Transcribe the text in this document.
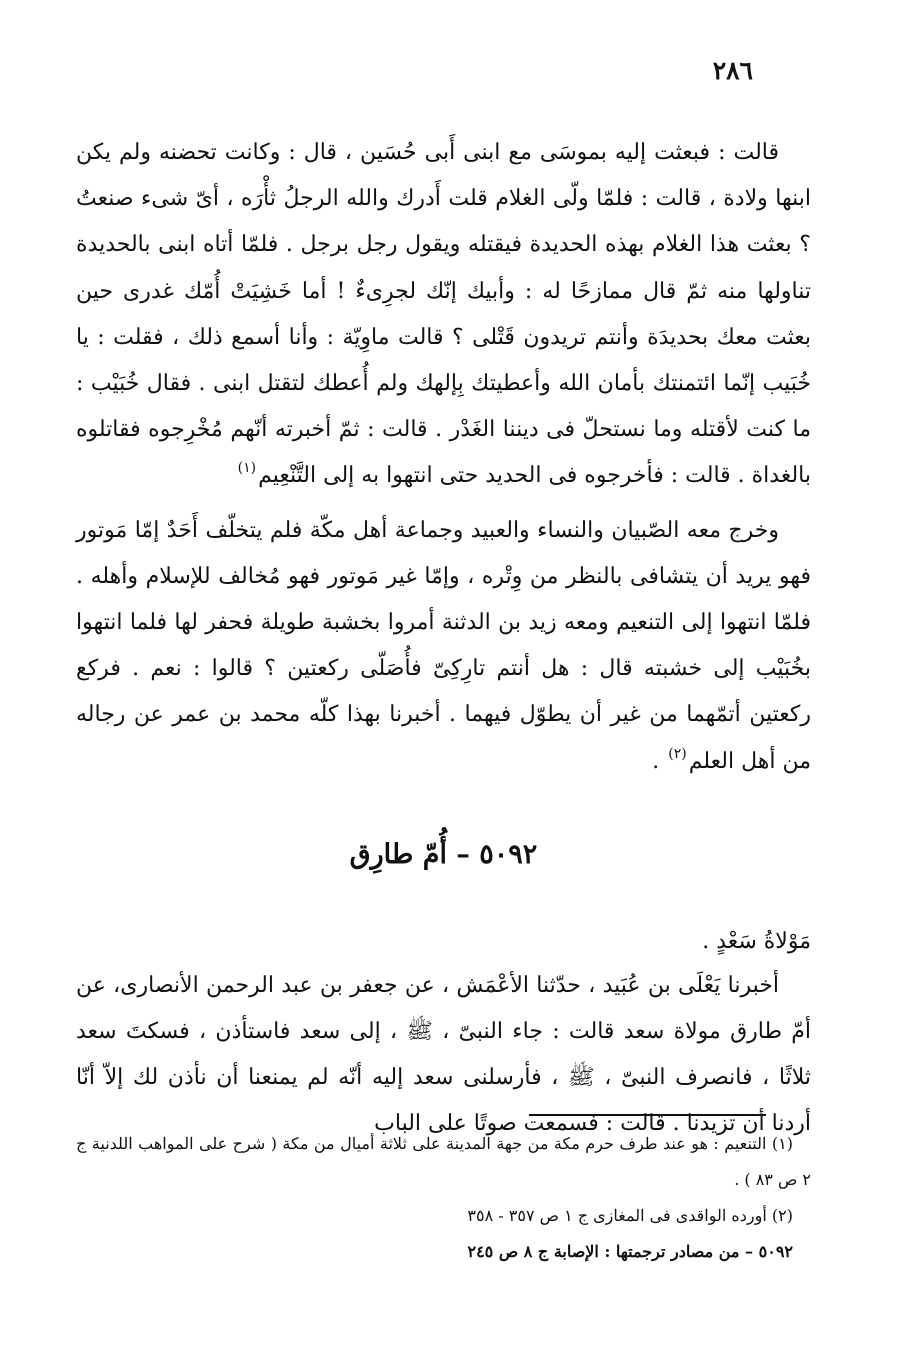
٢٨٦

قالت : فبعثت إليه بموسَى مع ابنى أَبى حُسَين ، قال : وكانت تحضنه ولم يكن ابنها ولادة ، قالت : فلمّا ولّى الغلام قلت أَدرك والله الرجلُ ثأْرَه ، أىّ شىء صنعتُ ؟ بعثت هذا الغلام بهذه الحديدة فيقتله ويقول رجل برجل . فلمّا أتاه ابنى بالحديدة تناولها منه ثمّ قال ممازحًا له : وأبيك إنّك لجرِىءٌ ! أما خَشِيَتْ أُمّك غدرى حين بعثت معك بحديدَة وأنتم تريدون قَتْلى ؟ قالت ماوِيّة : وأنا أسمع ذلك ، فقلت : يا خُبَيب إنّما ائتمنتك بأمان الله وأعطيتك بِإلهك ولم أُعطك لتقتل ابنى . فقال خُبَيْب : ما كنت لأقتله وما نستحلّ فى ديننا الغَدْر . قالت : ثمّ أخبرته أنّهم مُخْرِجوه فقاتلوه بالغداة . قالت : فأخرجوه فى الحديد حتى انتهوا به إلى التَّنْعِيم$^{(١)}$

وخرج معه الصّبيان والنساء والعبيد وجماعة أهل مكّة فلم يتخلّف أَحَدٌ إمّا مَوتور فهو يريد أن يتشافى بالنظر من وِتْره ، وإمّا غير مَوتور فهو مُخالف للإسلام وأهله . فلمّا انتهوا إلى التنعيم ومعه زيد بن الدثنة أمروا بخشبة طويلة فحفر لها فلما انتهوا بخُبَيْب إلى خشبته قال : هل أنتم تارِكِىّ فأُصَلّى ركعتين ؟ قالوا : نعم . فركع ركعتين أتمّهما من غير أن يطوّل فيهما . أخبرنا بهذا كلّه محمد بن عمر عن رجاله من أهل العلم$^{(٢)}$ .

٥٠٩٢ – أُمّ طارِق

مَوْلاةُ سَعْدٍ .

أخبرنا يَعْلَى بن عُبَيد ، حدّثنا الأعْمَش ، عن جعفر بن عبد الرحمن الأنصارى، عن أمّ طارق مولاة سعد قالت : جاء النبىّ ، ﷺ ، إلى سعد فاستأذن ، فسكتَ سعد ثلاثًا ، فانصرف النبىّ ، ﷺ ، فأرسلنى سعد إليه أنّه لم يمنعنا أن نأذن لك إلاّ أنّا أردنا أن تزيدنا . قالت : فسمعت صوتًا على الباب

(١) التنعيم : هو عند طرف حرم مكة من جهة المدينة على ثلاثة أميال من مكة ( شرح على المواهب اللدنية ج ٢ ص ٨٣ ) .

(٢) أورده الواقدى فى المغازى ج ١ ص ٣٥٧ - ٣٥٨

٥٠٩٢ – من مصادر ترجمتها : الإصابة ج ٨ ص ٢٤٥
